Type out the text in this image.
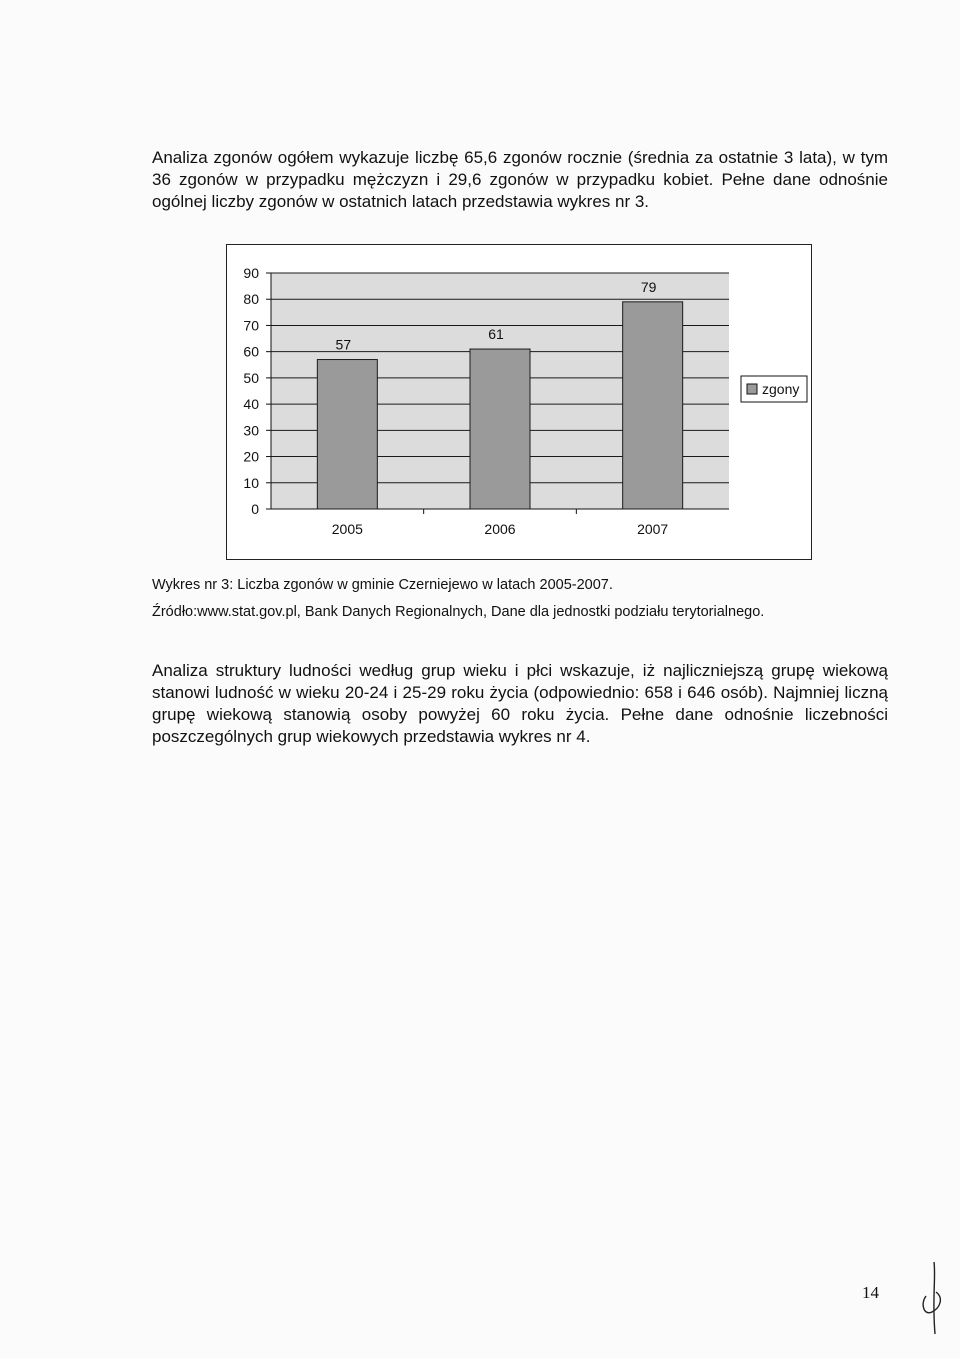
Analiza zgonów ogółem wykazuje liczbę 65,6 zgonów rocznie (średnia za ostatnie 3 lata), w tym 36 zgonów w przypadku mężczyzn i 29,6 zgonów w przypadku kobiet. Pełne dane odnośnie ogólnej liczby zgonów w ostatnich latach przedstawia wykres nr 3.

0
10
20
30
40
50
60
70
80
90
57
2005
61
2006
79
2007
zgony
Wykres nr 3: Liczba zgonów w gminie Czerniejewo w latach 2005-2007.
Źródło:www.stat.gov.pl, Bank Danych Regionalnych, Dane dla jednostki podziału terytorialnego.

Analiza struktury ludności według grup wieku i płci wskazuje, iż najliczniejszą grupę wiekową stanowi ludność w wieku 20-24 i 25-29 roku życia (odpowiednio: 658 i 646 osób). Najmniej liczną grupę wiekową stanowią osoby powyżej 60 roku życia. Pełne dane odnośnie liczebności poszczególnych grup wiekowych przedstawia wykres nr 4.

14
